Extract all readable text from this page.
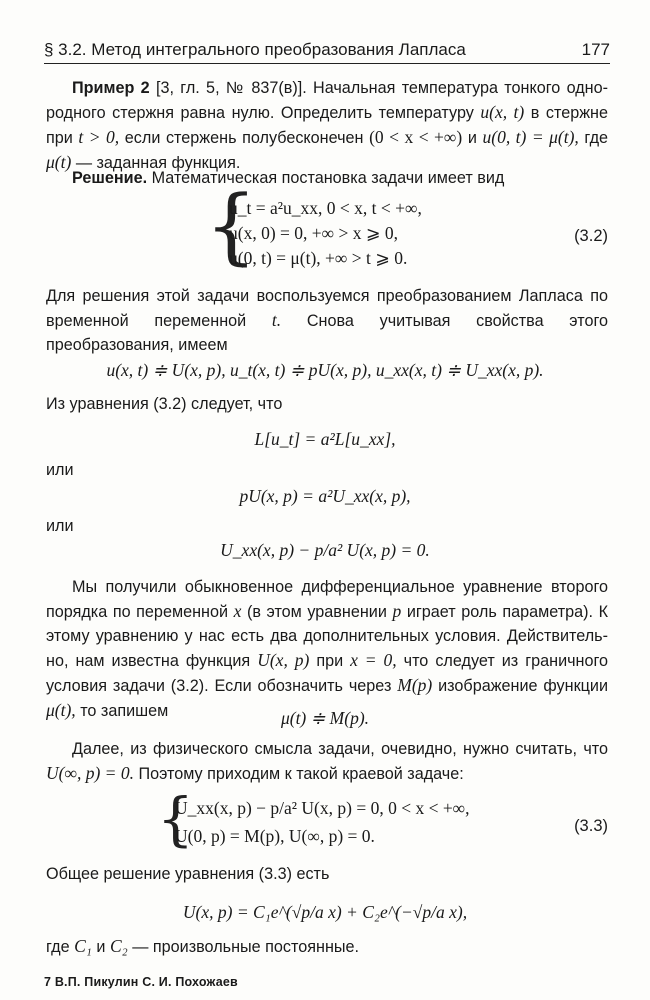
§ 3.2. Метод интегрального преобразования Лапласа	177
Пример 2 [3, гл. 5, № 837(в)]. Начальная температура тонкого одно-родного стержня равна нулю. Определить температуру u(x, t) в стержне при t > 0, если стержень полубесконечен (0 < x < +∞) и u(0, t) = μ(t), где μ(t) — заданная функция.
Решение. Математическая постановка задачи имеет вид
{
u_t = a²u_xx, 0 < x, t < +∞,
u(x, 0) = 0, +∞ > x ⩾ 0,
u(0, t) = μ(t), +∞ > t ⩾ 0.
(3.2)
Для решения этой задачи воспользуемся преобразованием Лапласа по временной переменной t. Снова учитывая свойства этого преобразования, имеем
u(x, t) ≑ U(x, p), u_t(x, t) ≑ pU(x, p), u_xx(x, t) ≑ U_xx(x, p).
Из уравнения (3.2) следует, что
L[u_t] = a²L[u_xx],
или
pU(x, p) = a²U_xx(x, p),
или
U_xx(x, p) − p/a² U(x, p) = 0.
Мы получили обыкновенное дифференциальное уравнение второго порядка по переменной x (в этом уравнении p играет роль параметра). К этому уравнению у нас есть два дополнительных условия. Действитель-но, нам известна функция U(x, p) при x = 0, что следует из граничного условия задачи (3.2). Если обозначить через M(p) изображение функции μ(t), то запишем	μ(t) ≑ M(p).
Далее, из физического смысла задачи, очевидно, нужно считать, что U(∞, p) = 0. Поэтому приходим к такой краевой задаче:
{
U_xx(x, p) − p/a² U(x, p) = 0, 0 < x < +∞,
U(0, p) = M(p), U(∞, p) = 0.	(3.3)
Общее решение уравнения (3.3) есть
U(x, p) = C₁e^(√p/a x) + C₂e^(−√p/a x),
где C₁ и C₂ — произвольные постоянные.
7 В.П. Пикулин С. И. Похожаев
